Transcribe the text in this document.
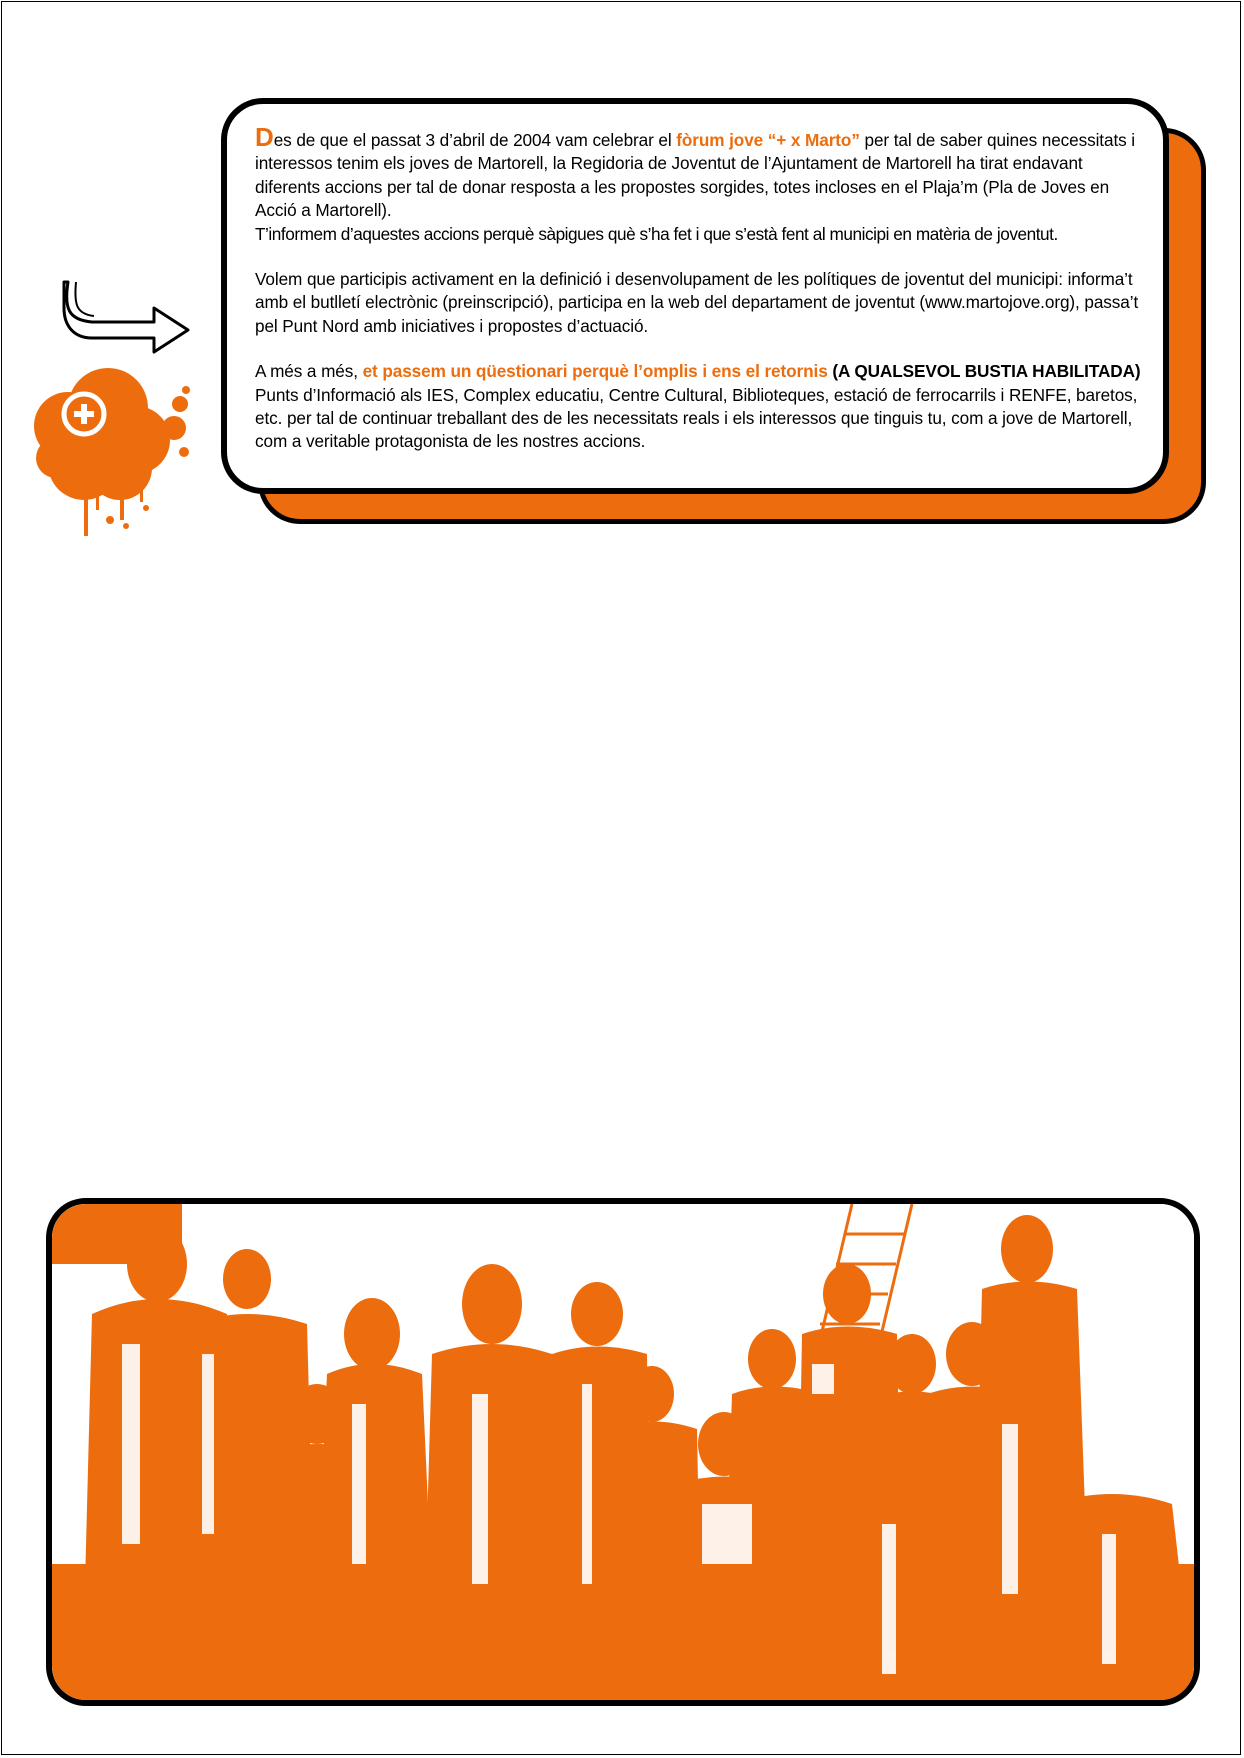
Des de que el passat 3 d’abril de 2004 vam celebrar el fòrum jove “+ x Marto” per tal de saber quines necessitats i interessos tenim els joves de Martorell, la Regidoria de Joventut de l’Ajuntament de Martorell ha tirat endavant diferents accions per tal de donar resposta a les propostes sorgides, totes incloses en el Plaja’m (Pla de Joves en Acció a Martorell).

T’informem d’aquestes accions perquè sàpigues què s’ha fet i que s’està fent al municipi en matèria de joventut.

Volem que participis activament en la definició i desenvolupament de les polítiques de joventut del municipi: informa’t amb el butlletí electrònic (preinscripció), participa en la web del departament de joventut (www.martojove.org), passa’t pel Punt Nord amb iniciatives i propostes d’actuació.

A més a més, et passem un qüestionari perquè l’omplis i ens el retornis (A QUALSEVOL BUSTIA HABILITADA) Punts d’Informació als IES, Complex educatiu, Centre Cultural, Biblioteques, estació de ferrocarrils i RENFE, baretos, etc. per tal de continuar treballant des de les necessitats reals i els interessos que tinguis tu, com a jove de Martorell, com a veritable protagonista de les nostres accions.
